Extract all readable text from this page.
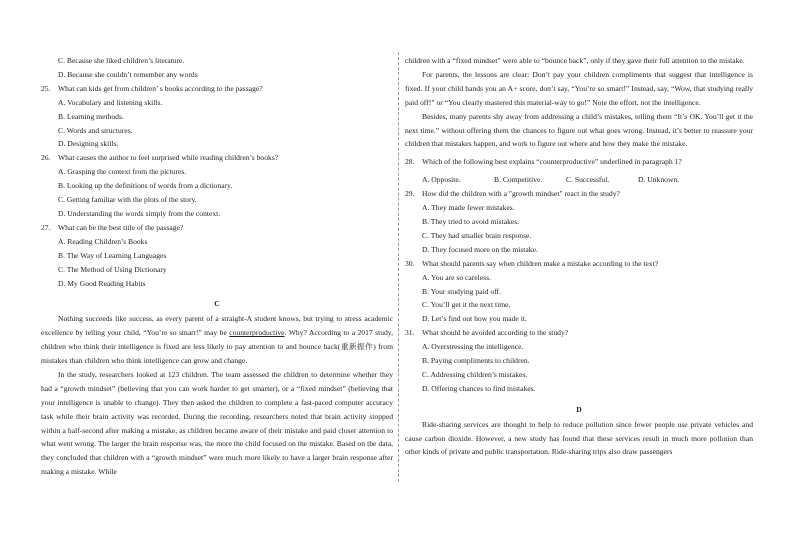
C. Because she liked children’s literature.
D. Because she couldn’t remember any words
25. What can kids get from children’ s books according to the passage?
A. Vocabulary and listening skills.
B. Learning methods.
C. Words and structures.
D. Designing skills.
26. What causes the author to feel surprised while reading children’s books?
A. Grasping the context from the pictures.
B. Looking up the definitions of words from a dictionary.
C. Getting familiar with the plots of the story.
D. Understanding the words simply from the context.
27. What can be the best title of the passage?
A. Reading Children’s Books
B. The Way of Learning Languages
C. The Method of Using Dictionary
D. My Good Reading Habits
C
Nothing succeeds like success, as every parent of a straight-A student knows, but trying to stress academic excellence by telling your child, “You’re so smart!” may be counterproductive. Why? According to a 2017 study, children who think their intelligence is fixed are less likely to pay attention to and bounce back(重新振作) from mistakes than children who think intelligence can grow and change.
In the study, researchers looked at 123 children. The team assessed the children to determine whether they had a “growth mindset” (believing that you can work harder to get smarter), or a “fixed mindset” (believing that your intelligence is unable to change). They then asked the children to complete a fast-paced computer accuracy task while their brain activity was recorded. During the recording, researchers noted that brain activity stopped within a half-second after making a mistake, as children became aware of their mistake and paid closer attention to what went wrong. The larger the brain response was, the more the child focused on the mistake. Based on the data, they concluded that children with a “growth mindset” were much more likely to have a larger brain response after making a mistake. While
children with a “fixed mindset” were able to “bounce back”, only if they gave their full attention to the mistake.
For parents, the lessons are clear: Don’t pay your children compliments that suggest that intelligence is fixed. If your child hands you an A+ score, don’t say, “You’re so smart!” Instead, say, “Wow, that studying really paid off!” or “You clearly mastered this material-way to go!” Note the effort, not the intelligence.
Besides, many parents shy away from addressing a child’s mistakes, telling them “It’s OK. You’ll get it the next time.” without offering them the chances to figure out what goes wrong. Instead, it’s better to reassure your children that mistakes happen, and work to figure out where and how they make the mistake.
28. Which of the following best explains “counterproductive” underlined in paragraph 1?
A. Opposite.	B. Competitive.	C. Successful.	D. Unknown.
29. How did the children with a "growth mindset" react in the study?
A. They made fewer mistakes.
B. They tried to avoid mistakes.
C. They had smaller brain response.
D. They focused more on the mistake.
30. What should parents say when children make a mistake according to the text?
A. You are so careless.
B. Your studying paid off.
C. You’ll get it the next time.
D. Let’s find out how you made it.
31. What should be avoided according to the study?
A. Overstressing the intelligence.
B. Paying compliments to children.
C. Addressing children’s mistakes.
D. Offering chances to find mistakes.
D
Ride-sharing services are thought to help to reduce pollution since fewer people use private vehicles and cause carbon dioxide. However, a new study has found that these services result in much more pollution than other kinds of private and public transportation. Ride-sharing trips also draw passengers
